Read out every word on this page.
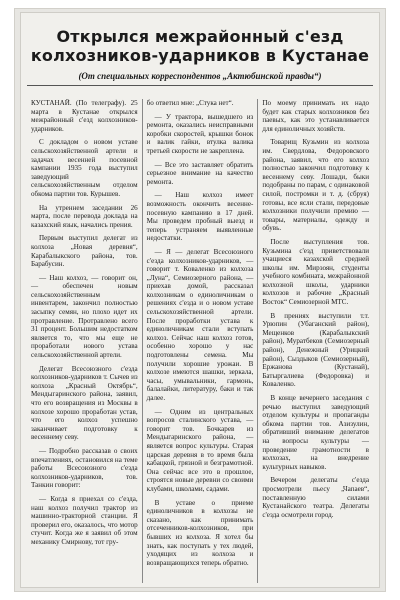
Открылся межрайонный с'езд
колхозников-ударников в Кустанае
(От специальных корреспондентов „Актюбинской правды“)

КУСТАНАЙ. (По телеграфу). 25 марта в Кустанае открылся межрайонный с'езд колхозников-ударников.

С докладом о новом уставе сельскохозяйственной артели и задачах весенней посевной кампании 1935 года выступил заведующий сельскохозяйственным отделом обкома партии тов. Курышев.

На утреннем заседании 26 марта, после перевода доклада на казахский язык, начались прения.

Первым выступил делегат из колхоза „Новая деревня“, Карабалыкского района, тов. Барабусин.

— Наш колхоз, — говорит он, — обеспечен новым сельскохозяйственным инвентарем, закончил полностью засыпку семян, но плохо идет их протравление. Протравлено всего 31 процент. Большим недостатком является то, что мы еще не проработали нового устава сельскохозяйственной артели.

Делегат Всесоюзного с'езда колхозников-ударников т. Сычев из колхоза „Красный Октябрь“, Мендыгаринского района, заявил, что его возвращения из Москвы в колхозе хорошо проработан устав, что его колхоз успешно заканчивает подготовку к весеннему севу.

— Подробно рассказав о своих впечатлениях, остановился на теме работы Всесоюзного с'езда колхозников-ударников, тов. Танкин говорит:

— Когда я приехал со с'езда, наш колхоз получил трактор из машинно-тракторной станции. Я проверил его, оказалось, что мотор стучит. Когда же я заявил об этом механику Смирнову, тот гру-

бо ответил мне: „Стука нет“.

— У трактора, вышедшего из ремонта, оказались неисправными коробки скоростей, крышки бонок и валик гайки, втулка валика третьей скорости не закреплена.

— Все это заставляет обратить серьезное внимание на качество ремонта.

— Наш колхоз имеет возможность окончить весенне-посевную кампанию в 17 дней. Мы проведем пробный выезд и теперь устраняем выявленные недостатки.

— Я — делегат Всесоюзного с'езда колхозников-ударников, — говорит т. Коваленко из колхоза „Луна“, Семиозерного района, — приехав домой, рассказал колхозникам о единоличникам о решениях с'езда и о новом уставе сельскохозяйственной артели. После проработки устава к единоличникам стали вступать колхоз. Сейчас наш колхоз готов, особенно хорошо у нас подготовлены семена. Мы получили хорошие урожаи. В колхозе имеются шашки, зеркала, часы, умывальники, гармонь, балалайки, литературу, баки и так далее.

— Одним из центральных вопросов сталинского устава, — говорит тов. Бочкарев из Мендыгаринского района, — является вопрос культуры. Старая царская деревня в то время была кабацкой, грязной и безграмотной. Она сейчас все это в прошлое, строятся новые деревни со своими клубами, школами, садами.

В уставе о приеме единоличников в колхозы не сказано, как принимать отсеченников-колхозников, при бывших из колхоза. Я хотел бы знать, как поступать у тех людей, уходящих из колхоза и возвращающихся теперь обратно.

По моему принимать их надо будет как старых колхозников без паевых, как это устанавливается для единоличных хозяйств.

Товарищ Кузьмин из колхоза им. Свердлова, Федоровского района, заявил, что его колхоз полностью закончил подготовку к весеннему севу. Лошади, быки подобраны по парам, с одинаковой силой, постромки и т. д. (сбруя) готовы, все ясли стали, передовые колхозники получили премию — товары, материалы, одежду и обувь.

После выступления тов. Кузьмина с'езд приветствовали учащиеся казахской средней школы им. Мирзоян, студенты учебного комбината, межрайонной колхозной школы, ударники колхозов и рабочие „Красный Восток“ Семиозерной МТС.

В прениях выступили т.т. Урюпин (Убаганский район), Мещенков (Карабалыкский район), Муратбеков (Семиозерный район), Денежный (Урицкий район), Сыздыков (Семиозерный), Ержанова (Кустанай), Батыргалиева (Федоровка) и Коваленко.

В конце вечернего заседания с речью выступил заведующий отделом культуры и пропаганды обкома партии тов. Азизулин, обративший внимание делегатов на вопросы культуры — проведение грамотности в колхозах, на внедрение культурных навыков.

Вечером делегаты с'езда просмотрели пьесу „Чапаев“, поставленную силами Кустанайского театра. Делегаты с'езда осмотрели город.
